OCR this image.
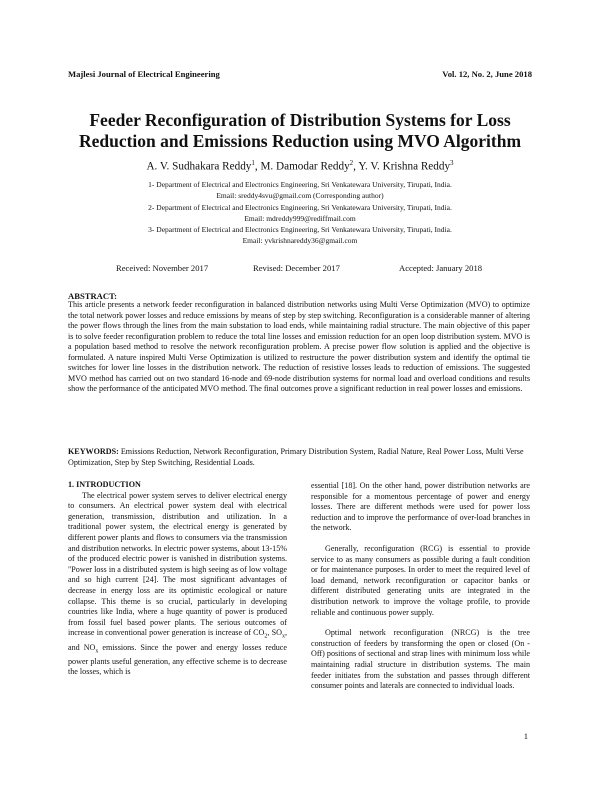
Majlesi Journal of Electrical Engineering	Vol. 12, No. 2, June 2018
Feeder Reconfiguration of Distribution Systems for Loss Reduction and Emissions Reduction using MVO Algorithm
A. V. Sudhakara Reddy$^1$, M. Damodar Reddy$^2$, Y. V. Krishna Reddy$^3$
1- Department of Electrical and Electronics Engineering, Sri Venkatewara University, Tirupati, India.
Email: sreddy4svu@gmail.com (Corresponding author)
2- Department of Electrical and Electronics Engineering, Sri Venkatewara University, Tirupati, India.
Email: mdreddy999@rediffmail.com
3- Department of Electrical and Electronics Engineering, Sri Venkatewara University, Tirupati, India.
Email: yvkrishnareddy36@gmail.com
Received: November 2017	Revised: December 2017	Accepted: January 2018
ABSTRACT:
This article presents a network feeder reconfiguration in balanced distribution networks using Multi Verse Optimization (MVO) to optimize the total network power losses and reduce emissions by means of step by step switching. Reconfiguration is a considerable manner of altering the power flows through the lines from the main substation to load ends, while maintaining radial structure. The main objective of this paper is to solve feeder reconfiguration problem to reduce the total line losses and emission reduction for an open loop distribution system. MVO is a population based method to resolve the network reconfiguration problem. A precise power flow solution is applied and the objective is formulated. A nature inspired Multi Verse Optimization is utilized to restructure the power distribution system and identify the optimal tie switches for lower line losses in the distribution network. The reduction of resistive losses leads to reduction of emissions. The suggested MVO method has carried out on two standard 16-node and 69-node distribution systems for normal load and overload conditions and results show the performance of the anticipated MVO method. The final outcomes prove a significant reduction in real power losses and emissions.
KEYWORDS: Emissions Reduction, Network Reconfiguration, Primary Distribution System, Radial Nature, Real Power Loss, Multi Verse Optimization, Step by Step Switching, Residential Loads.

1. INTRODUCTION

The electrical power system serves to deliver electrical energy to consumers. An electrical power system deal with electrical generation, transmission, distribution and utilization. In a traditional power system, the electrical energy is generated by different power plants and flows to consumers via the transmission and distribution networks. In electric power systems, about 13-15% of the produced electric power is vanished in distribution systems. "Power loss in a distributed system is high seeing as of low voltage and so high current [24]. The most significant advantages of decrease in energy loss are its optimistic ecological or nature collapse. This theme is so crucial, particularly in developing countries like India, where a huge quantity of power is produced from fossil fuel based power plants. The serious outcomes of increase in conventional power generation is increase of $CO_2$, $SO_x$, and $NO_x$ emissions. Since the power and energy losses reduce power plants useful generation, any effective scheme is to decrease the losses, which is

essential [18]. On the other hand, power distribution networks are responsible for a momentous percentage of power and energy losses. There are different methods were used for power loss reduction and to improve the performance of over-load branches in the network.

Generally, reconfiguration (RCG) is essential to provide service to as many consumers as possible during a fault condition or for maintenance purposes. In order to meet the required level of load demand, network reconfiguration or capacitor banks or different distributed generating units are integrated in the distribution network to improve the voltage profile, to provide reliable and continuous power supply.

Optimal network reconfiguration (NRCG) is the tree construction of feeders by transforming the open or closed (On - Off) positions of sectional and strap lines with minimum loss while maintaining radial structure in distribution systems. The main feeder initiates from the substation and passes through different consumer points and laterals are connected to individual loads.

1
